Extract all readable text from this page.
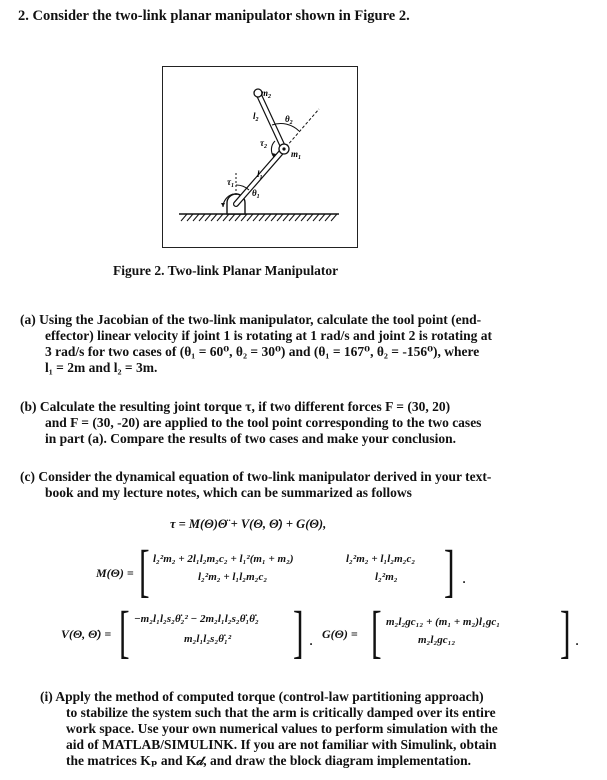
2. Consider the two-link planar manipulator shown in Figure 2.
$m_2$
$l_2$	$\theta_2$
$\tau_2$
$m_1$
$l_1$
$\tau_1$
$\theta_1$
Figure 2. Two-link Planar Manipulator
(a) Using the Jacobian of the two-link manipulator, calculate the tool point (end-
effector) linear velocity if joint 1 is rotating at 1 rad/s and joint 2 is rotating at
3 rad/s for two cases of (θ₁ = 60⁰, θ₂ = 30⁰) and (θ₁ = 167⁰, θ₂ = -156⁰), where
l₁ = 2m and l₂ = 3m.
(b) Calculate the resulting joint torque τ, if two different forces F = (30, 20)
and F = (30, -20) are applied to the tool point corresponding to the two cases
in part (a). Compare the results of two cases and make your conclusion.
(c) Consider the dynamical equation of two-link manipulator derived in your text-
book and my lecture notes, which can be summarized as follows
τ = M(Θ)Θ̈ + V(Θ, Θ̇) + G(Θ),
M(Θ) = [ l₂²m₂ + 2l₁l₂m₂c₂ + l₁²(m₁ + m₂)	l₂²m₂ + l₁l₂m₂c₂
l₂²m₂ + l₁l₂m₂c₂	l₂²m₂ ] .
V(Θ, Θ̇) = [ −m₂l₁l₂s₂θ̇₂² − 2m₂l₁l₂s₂θ̇₁θ̇₂
m₂l₁l₂s₂θ̇₁² ] . G(Θ) = [ m₂l₂gc₁₂ + (m₁ + m₂)l₁gc₁
m₂l₂gc₁₂ ] .
(i) Apply the method of computed torque (control-law partitioning approach)
to stabilize the system such that the arm is critically damped over its entire
work space. Use your own numerical values to perform simulation with the
aid of MATLAB/SIMULINK. If you are not familiar with Simulink, obtain
the matrices Kₚ and K𝒹, and draw the block diagram implementation.
